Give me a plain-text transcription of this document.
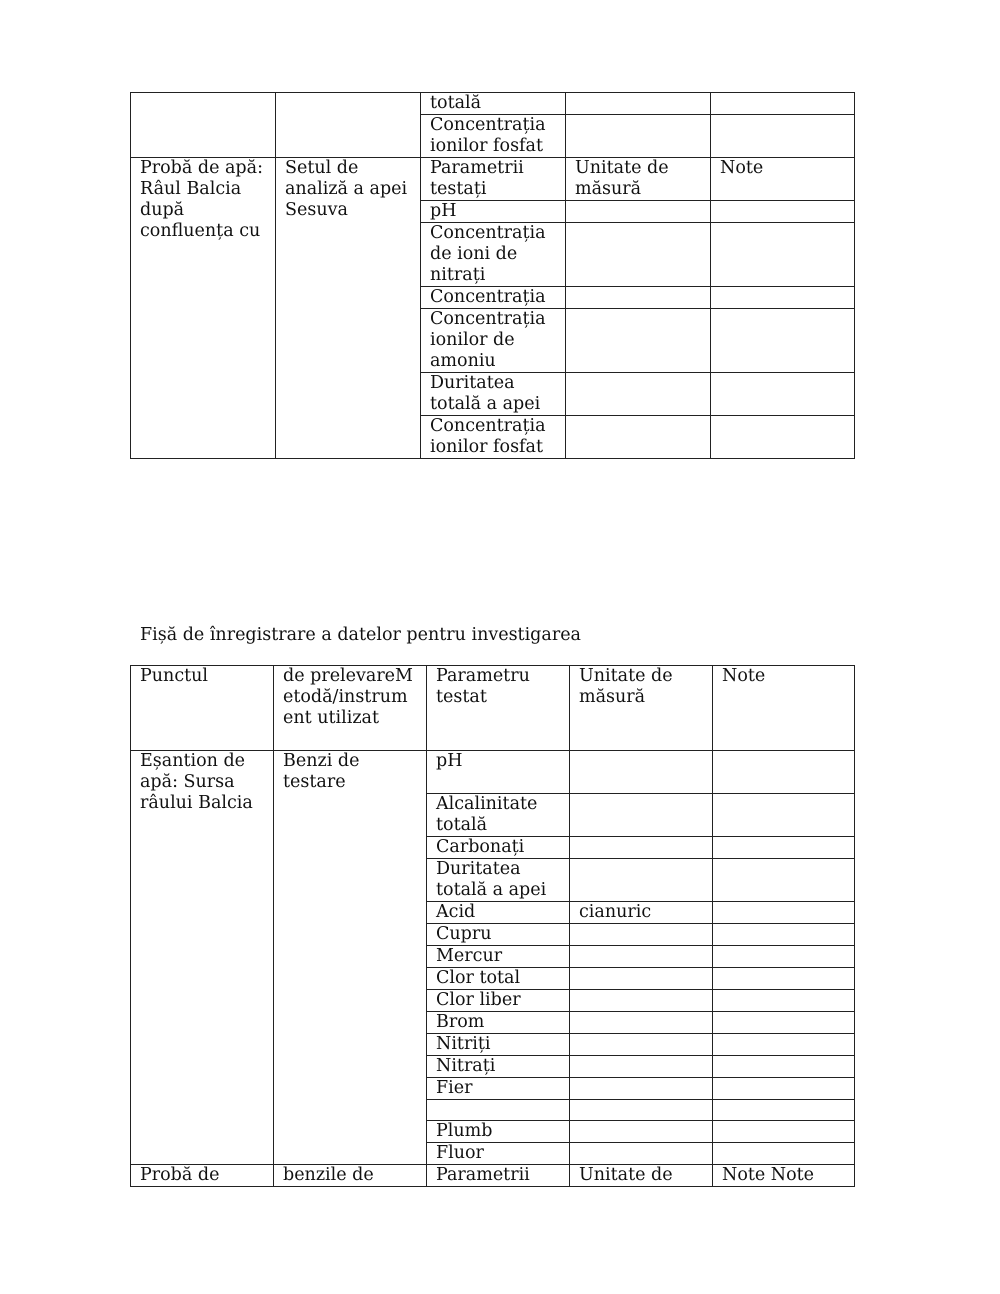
		totală		
		Concentrația ionilor fosfat		
Probă de apă: Râul Balcia după confluența cu	Setul de analiză a apei Sesuva	Parametrii testați	Unitate de măsură	Note
		pH		
		Concentrația de ioni de nitrați		
		Concentrația		
		Concentrația ionilor de amoniu		
		Duritatea totală a apei		
		Concentrația ionilor fosfat		
Fișă de înregistrare a datelor pentru investigarea
Punctul	de prelevareMetodă/instrument utilizat	Parametru testat	Unitate de măsură	Note
Eșantion de apă: Sursa râului Balcia	Benzi de testare	pH		
		Alcalinitate totală		
		Carbonați		
		Duritatea totală a apei		
		Acid	cianuric	
		Cupru		
		Mercur		
		Clor total		
		Clor liber		
		Brom		
		Nitriți		
		Nitrați		
		Fier		

		Plumb		
		Fluor		
Probă de	benzile de	Parametrii	Unitate de	Note Note
